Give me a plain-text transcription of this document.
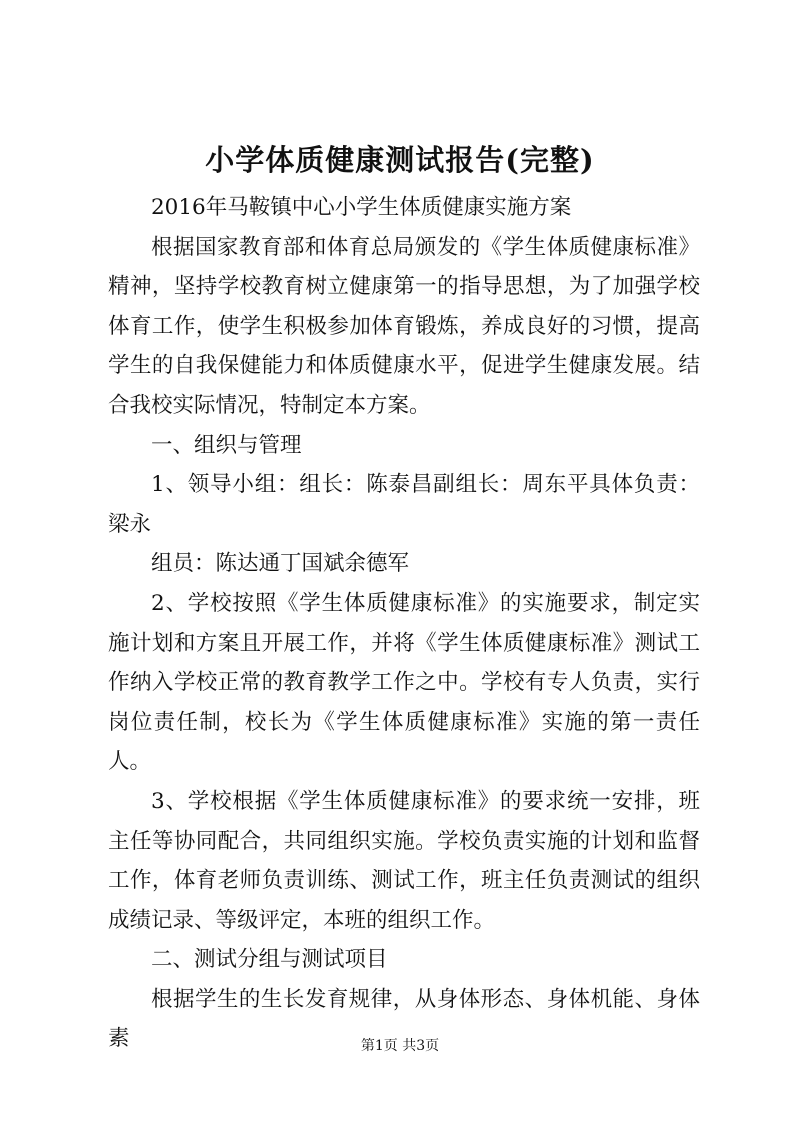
小学体质健康测试报告(完整)

2016年马鞍镇中心小学生体质健康实施方案

根据国家教育部和体育总局颁发的《学生体质健康标准》精神，坚持学校教育树立健康第一的指导思想，为了加强学校体育工作，使学生积极参加体育锻炼，养成良好的习惯，提高学生的自我保健能力和体质健康水平，促进学生健康发展。结合我校实际情况，特制定本方案。

一、组织与管理

1、领导小组：组长：陈泰昌副组长：周东平具体负责：梁永

组员：陈达通丁国斌余德军

2、学校按照《学生体质健康标准》的实施要求，制定实施计划和方案且开展工作，并将《学生体质健康标准》测试工作纳入学校正常的教育教学工作之中。学校有专人负责，实行岗位责任制，校长为《学生体质健康标准》实施的第一责任人。

3、学校根据《学生体质健康标准》的要求统一安排，班主任等协同配合，共同组织实施。学校负责实施的计划和监督工作，体育老师负责训练、测试工作，班主任负责测试的组织成绩记录、等级评定，本班的组织工作。

二、测试分组与测试项目

根据学生的生长发育规律，从身体形态、身体机能、身体素	第1页 共3页
